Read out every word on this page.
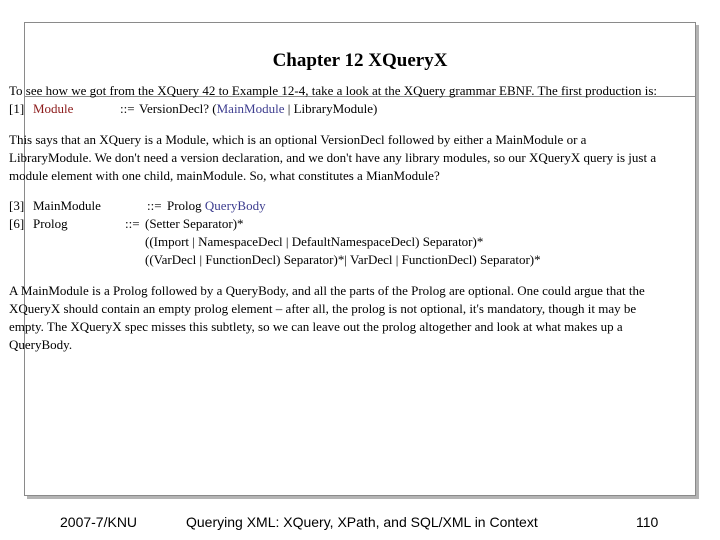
Chapter 12 XQueryX

To see how we got from the XQuery 42 to Example 12-4, take a look at the XQuery grammar EBNF. The first production is:

[1] Module	::= VersionDecl? (MainModule | LibraryModule)

This says that an XQuery is a Module, which is an optional VersionDecl followed by either a MainModule or a LibraryModule. We don't need a version declaration, and we don't have any library modules, so our XQueryX query is just a module element with one child, mainModule. So, what constitutes a MianModule?

[3] MainModule	::= Prolog QueryBody
[6] Prolog	::= (Setter Separator)*
((Import | NamespaceDecl | DefaultNamespaceDecl) Separator)*
((VarDecl | FunctionDecl) Separator)*| VarDecl | FunctionDecl) Separator)*

A MainModule is a Prolog followed by a QueryBody, and all the parts of the Prolog are optional. One could argue that the XQueryX should contain an empty prolog element – after all, the prolog is not optional, it's mandatory, though it may be empty. The XQueryX spec misses this subtlety, so we can leave out the prolog altogether and look at what makes up a QueryBody.

2007-7/KNU	Querying XML: XQuery, XPath, and SQL/XML in Context	110
